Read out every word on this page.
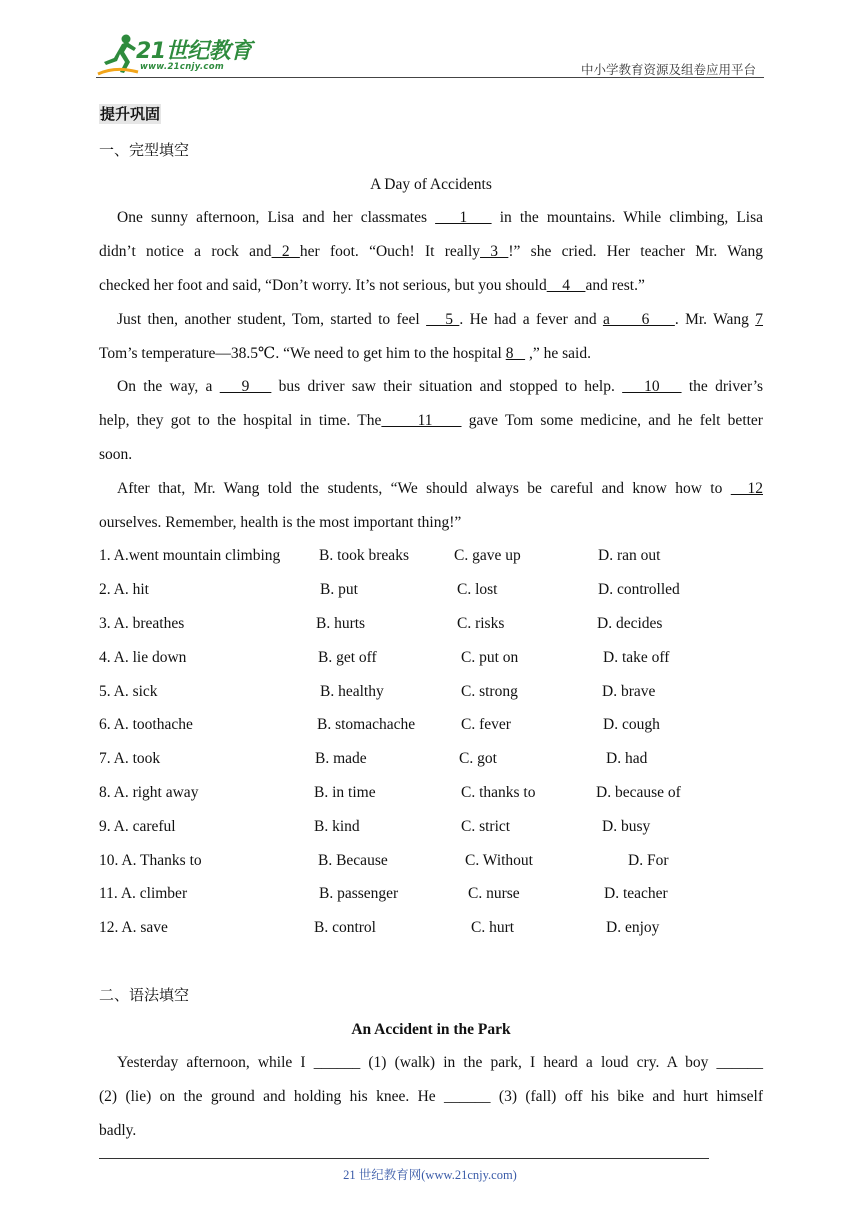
21世纪教育
www.21cnjy.com	中小学教育资源及组卷应用平台
提升巩固
一、完型填空
A Day of Accidents
One sunny afternoon, Lisa and her classmates    1    in the mountains. While climbing, Lisa
didn’t notice a rock and 2 her foot. “Ouch! It really 3 !” she cried. Her teacher Mr. Wang
checked her foot and said, “Don’t worry. It’s not serious, but you should    4    and rest.”
Just then, another student, Tom, started to feel    5 . He had a fever and a     6    . Mr. Wang 7
Tom’s temperature—38.5℃. “We need to get him to the hospital 8    ,” he said.
On the way, a    9    bus driver saw their situation and stopped to help.    10    the driver’s
help, they got to the hospital in time. The     11     gave Tom some medicine, and he felt better
soon.
After that, Mr. Wang told the students, “We should always be careful and know how to   12
ourselves. Remember, health is the most important thing!”
1. A.went mountain climbing	B. took breaks	C. gave up	D. ran out
2. A. hit	B. put	C. lost	D. controlled
3. A. breathes	B. hurts	C. risks	D. decides
4. A. lie down	B. get off	C. put on	D. take off
5. A. sick	B. healthy	C. strong	D. brave
6. A. toothache	B. stomachache	C. fever	D. cough
7. A. took	B. made	C. got	D. had
8. A. right away	B. in time	C. thanks to	D. because of
9. A. careful	B. kind	C. strict	D. busy
10. A. Thanks to	B. Because	C. Without	D. For
11. A. climber	B. passenger	C. nurse	D. teacher
12. A. save	B. control	C. hurt	D. enjoy
二、语法填空
An Accident in the Park
Yesterday afternoon, while I ______ (1) (walk) in the park, I heard a loud cry. A boy ______
(2) (lie) on the ground and holding his knee. He ______ (3) (fall) off his bike and hurt himself
badly.
21 世纪教育网(www.21cnjy.com)
